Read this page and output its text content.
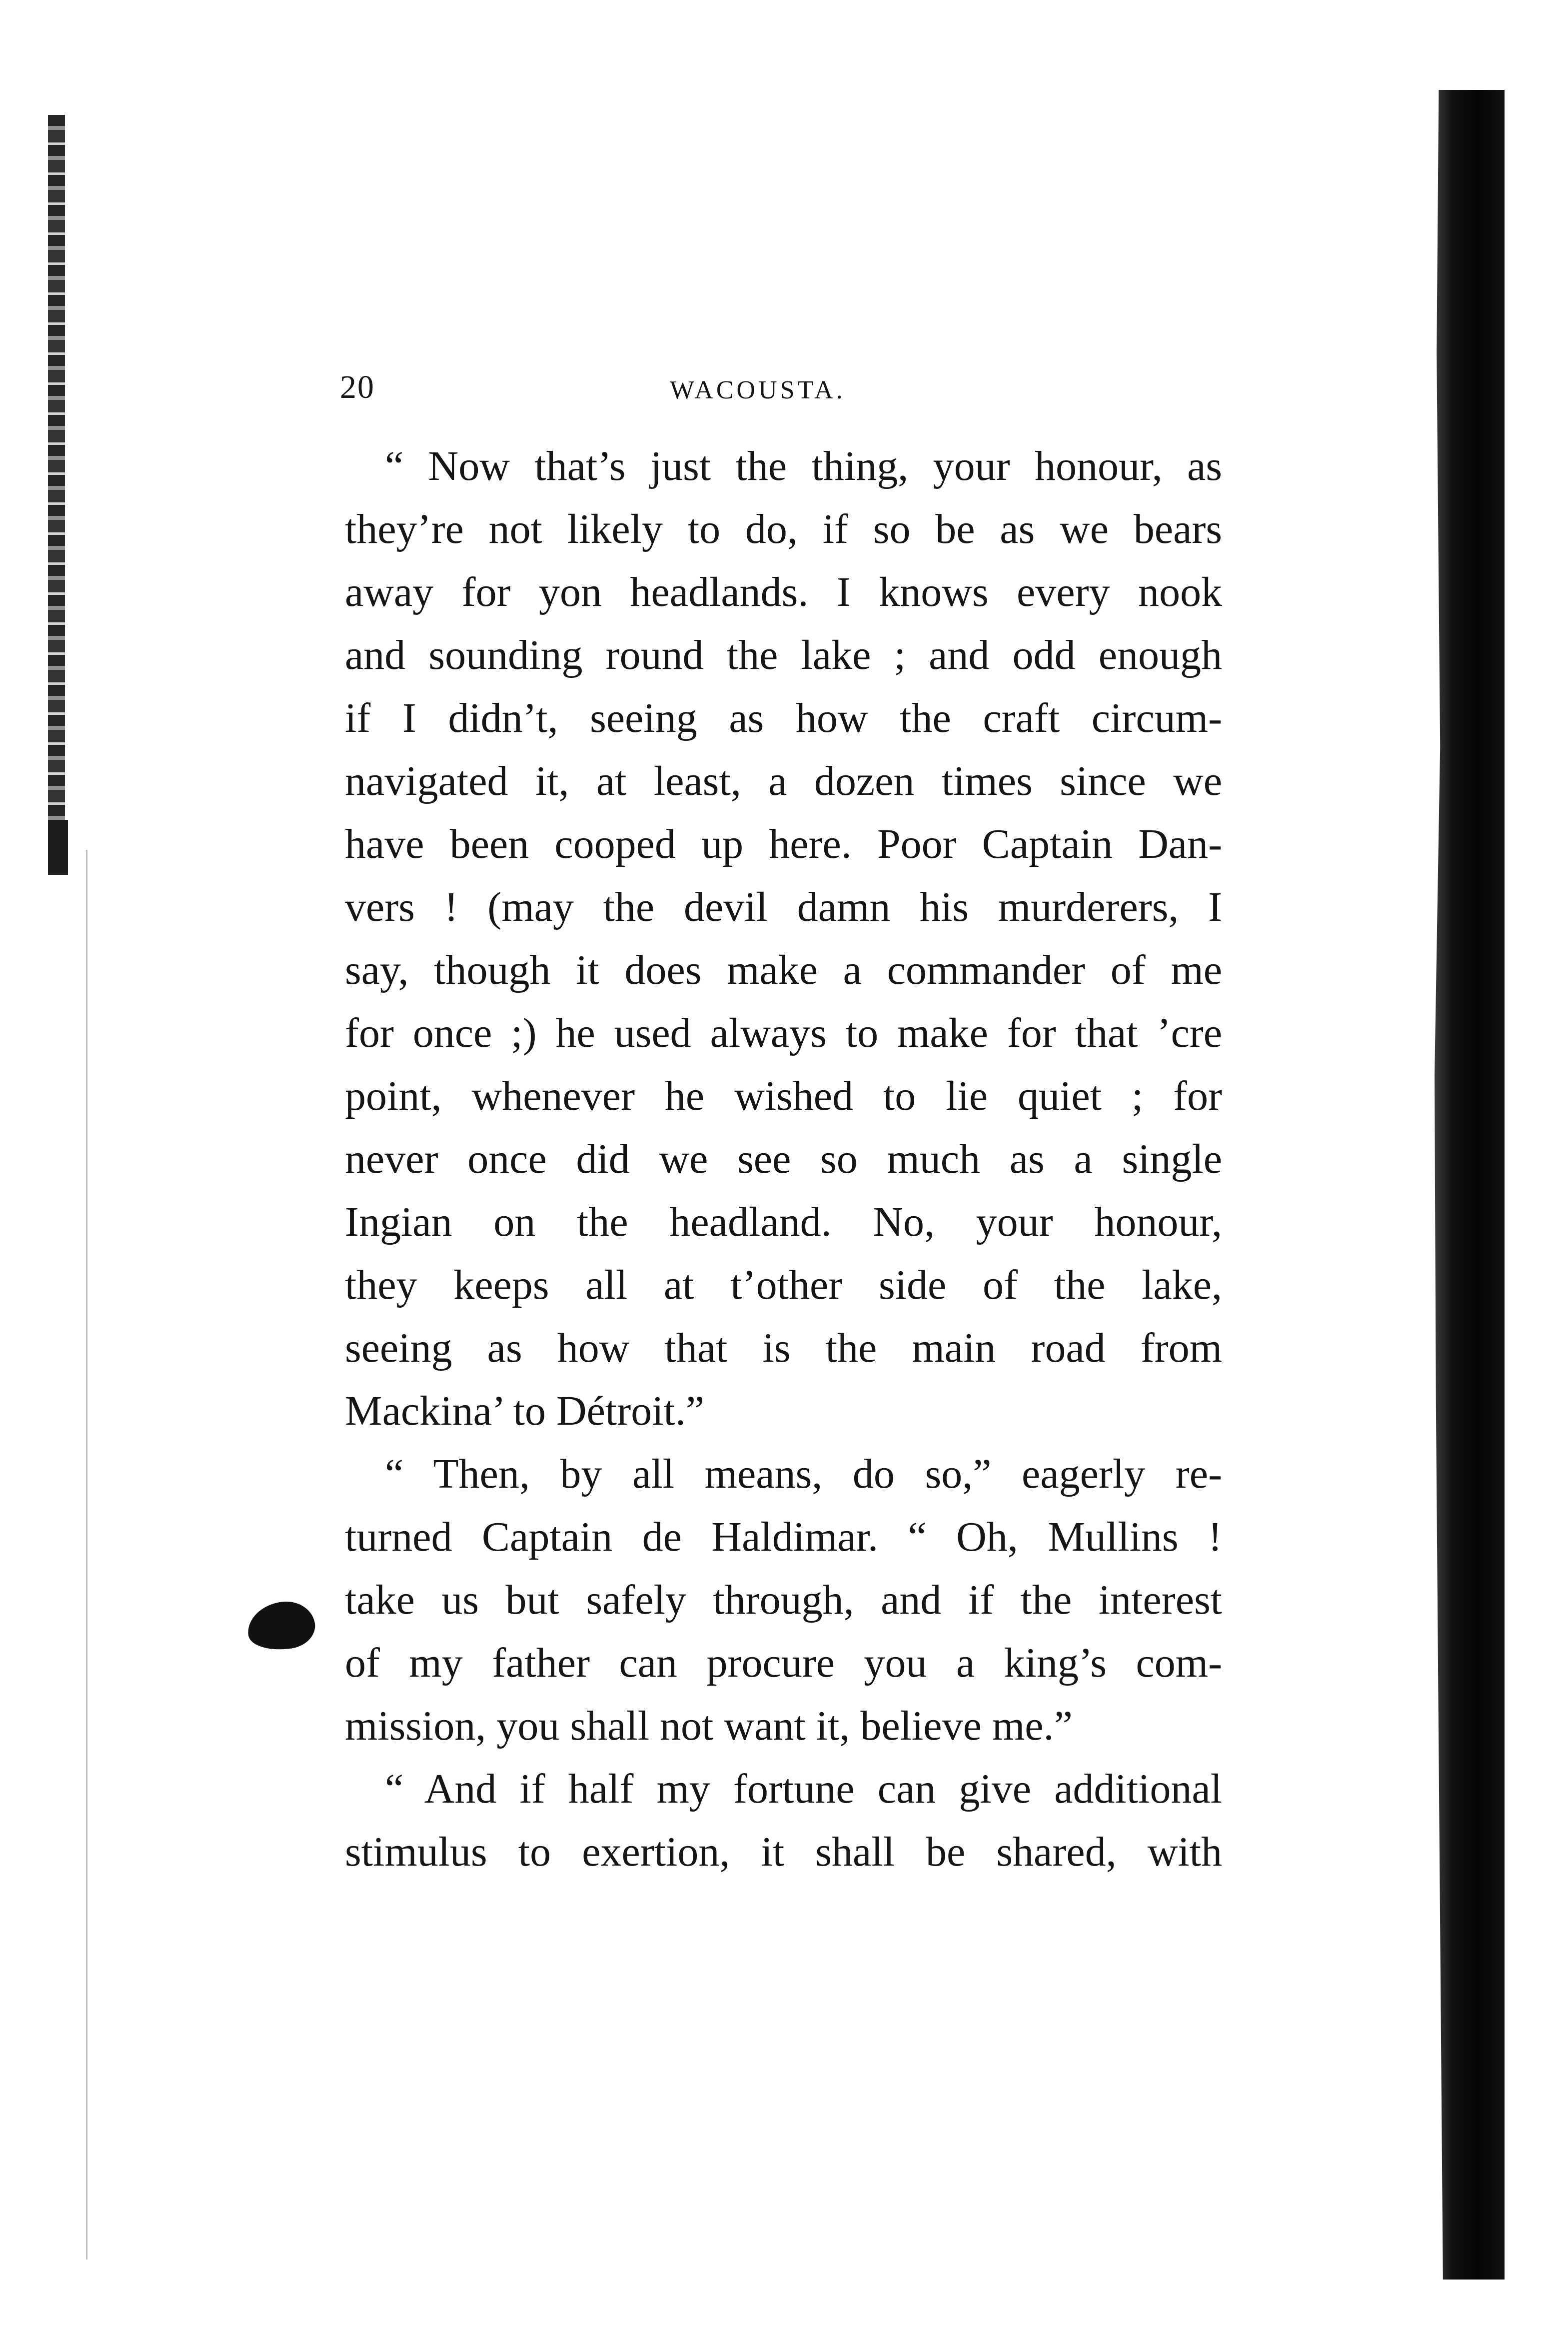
20	WACOUSTA.
“ Now that’s just the thing, your honour, as
they’re not likely to do, if so be as we bears
away for yon headlands. I knows every nook
and sounding round the lake ; and odd enough
if I didn’t, seeing as how the craft circum-
navigated it, at least, a dozen times since we
have been cooped up here. Poor Captain Dan-
vers ! (may the devil damn his murderers, I
say, though it does make a commander of me
for once ;) he used always to make for that ’cre
point, whenever he wished to lie quiet ; for
never once did we see so much as a single
Ingian on the headland. No, your honour,
they keeps all at t’other side of the lake,
seeing as how that is the main road from
Mackina’ to Détroit.”
“ Then, by all means, do so,” eagerly re-
turned Captain de Haldimar. “ Oh, Mullins !
take us but safely through, and if the interest
of my father can procure you a king’s com-
mission, you shall not want it, believe me.”
“ And if half my fortune can give additional
stimulus to exertion, it shall be shared, with
